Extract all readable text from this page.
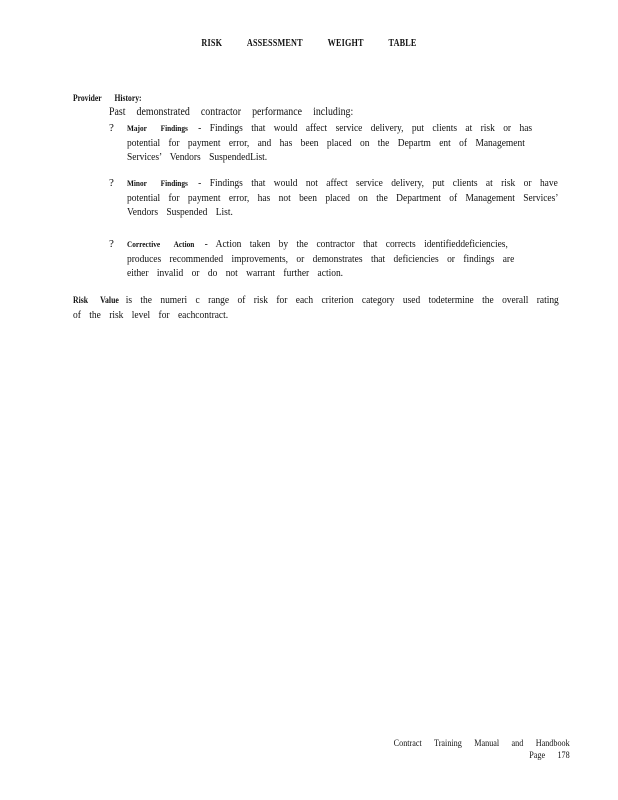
RISK ASSESSMENT WEIGHT TABLE
Provider History:
Past demonstrated contractor performance including:
? Major Findings - Findings that would affect service delivery, put clients at risk or has
potential for payment error, and has been placed on the Departm ent of Management
Services’ Vendors SuspendedList.
? Minor Findings - Findings that would not affect service delivery, put clients at risk or have
potential for payment error, has not been placed on the Department of Management Services’
Vendors Suspended List.
? Corrective Action - Action taken by the contractor that corrects identifieddeficiencies,
produces recommended improvements, or demonstrates that deficiencies or findings are
either invalid or do not warrant further action.
Risk Value is the numeri c range of risk for each criterion category used todetermine the overall rating
of the risk level for eachcontract.
Contract Training Manual and Handbook
Page 178
